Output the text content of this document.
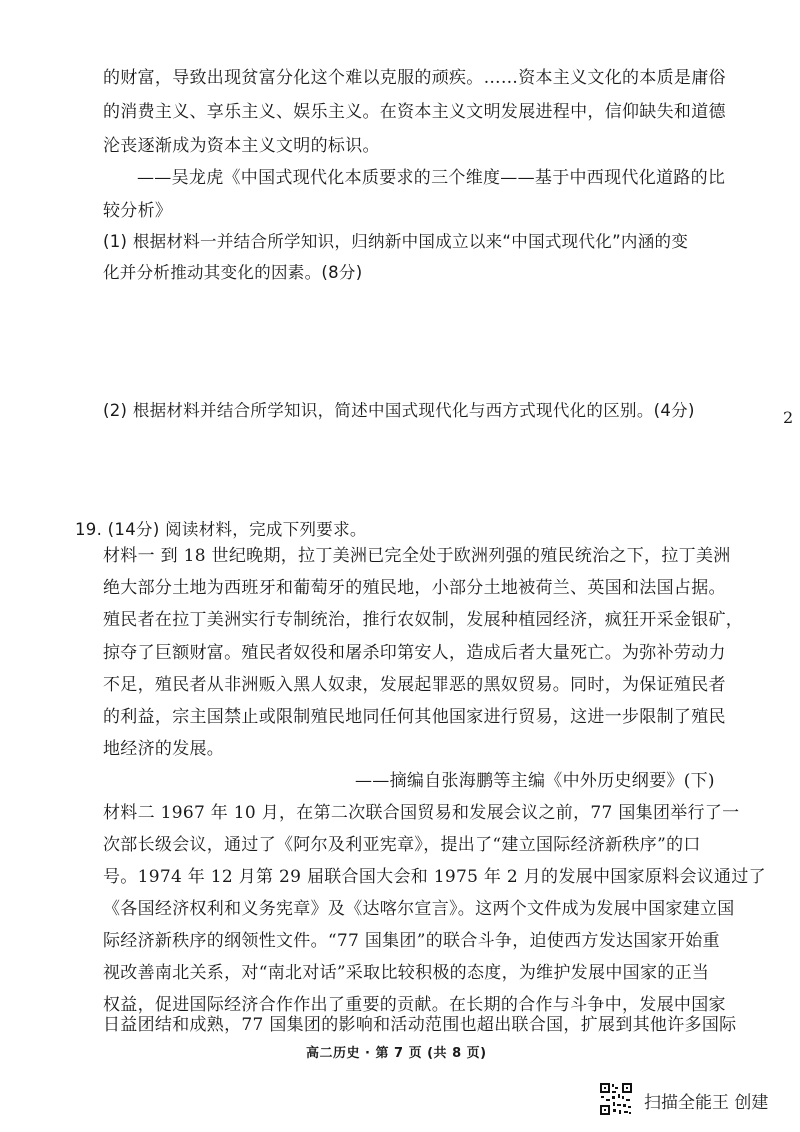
的财富，导致出现贫富分化这个难以克服的顽疾。……资本主义文化的本质是庸俗
的消费主义、享乐主义、娱乐主义。在资本主义文明发展进程中，信仰缺失和道德
沦丧逐渐成为资本主义文明的标识。
——吴龙虎《中国式现代化本质要求的三个维度——基于中西现代化道路的比
较分析》
(1) 根据材料一并结合所学知识，归纳新中国成立以来“中国式现代化”内涵的变
化并分析推动其变化的因素。(8分)
(2) 根据材料并结合所学知识，简述中国式现代化与西方式现代化的区别。(4分)	2
19. (14分) 阅读材料，完成下列要求。
材料一 到 18 世纪晚期，拉丁美洲已完全处于欧洲列强的殖民统治之下，拉丁美洲
绝大部分土地为西班牙和葡萄牙的殖民地，小部分土地被荷兰、英国和法国占据。
殖民者在拉丁美洲实行专制统治，推行农奴制，发展种植园经济，疯狂开采金银矿，
掠夺了巨额财富。殖民者奴役和屠杀印第安人，造成后者大量死亡。为弥补劳动力
不足，殖民者从非洲贩入黑人奴隶，发展起罪恶的黑奴贸易。同时，为保证殖民者
的利益，宗主国禁止或限制殖民地同任何其他国家进行贸易，这进一步限制了殖民
地经济的发展。
——摘编自张海鹏等主编《中外历史纲要》(下)
材料二 1967 年 10 月，在第二次联合国贸易和发展会议之前，77 国集团举行了一
次部长级会议，通过了《阿尔及利亚宪章》，提出了“建立国际经济新秩序”的口
号。1974 年 12 月第 29 届联合国大会和 1975 年 2 月的发展中国家原料会议通过了
《各国经济权利和义务宪章》及《达喀尔宣言》。这两个文件成为发展中国家建立国
际经济新秩序的纲领性文件。“77 国集团”的联合斗争，迫使西方发达国家开始重
视改善南北关系，对“南北对话”采取比较积极的态度，为维护发展中国家的正当
权益，促进国际经济合作作出了重要的贡献。在长期的合作与斗争中，发展中国家
日益团结和成熟，77 国集团的影响和活动范围也超出联合国，扩展到其他许多国际
高二历史 · 第 7 页 (共 8 页)
扫描全能王 创建
